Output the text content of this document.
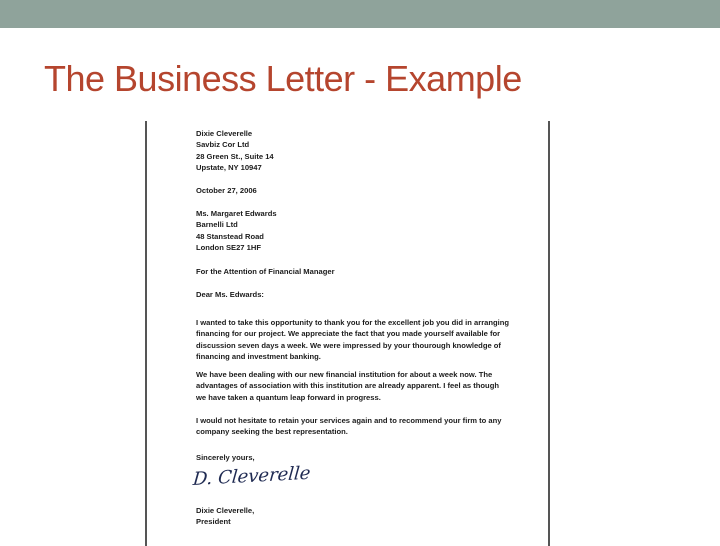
The Business Letter - Example
Dixie Cleverelle
Savbiz Cor Ltd
28 Green St., Suite 14
Upstate, NY 10947
October 27, 2006
Ms. Margaret Edwards
Barnelli Ltd
48 Stanstead Road
London SE27 1HF
For the Attention of Financial Manager
Dear Ms. Edwards:
I wanted to take this opportunity to thank you for the excellent job you did in arranging
financing for our project. We appreciate the fact that you made yourself available for
discussion seven days a week. We were impressed by your thourough knowledge of
financing and investment banking.
We have been dealing with our new financial institution for about a week now. The
advantages of association with this institution are already apparent. I feel as though
we have taken a quantum leap forward in progress.
I would not hesitate to retain your services again and to recommend your firm to any
company seeking the best representation.
Sincerely yours,
D. Cleverelle
Dixie Cleverelle,
President
